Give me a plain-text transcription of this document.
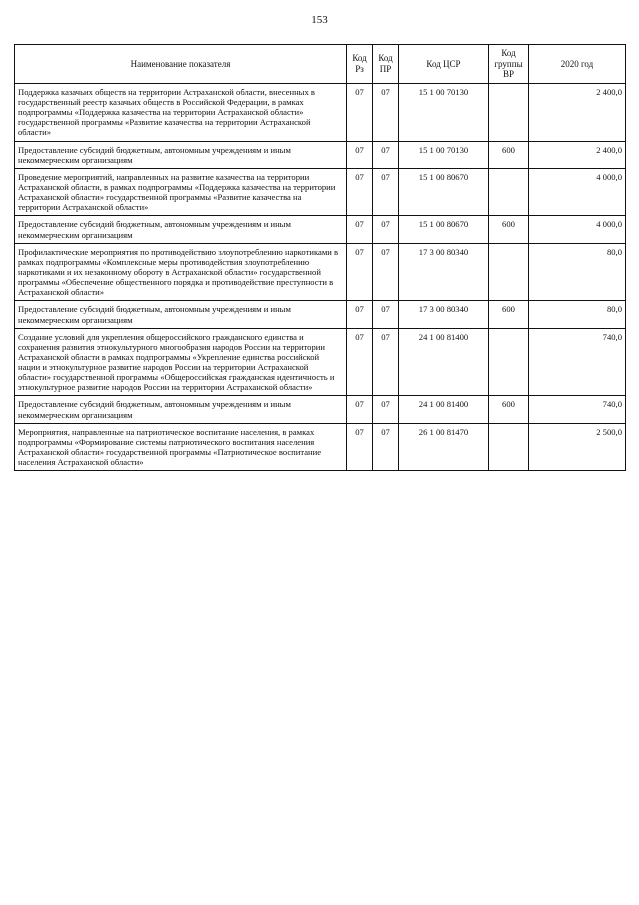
153
Наименование показателя	Код Рз	Код ПР	Код ЦСР	Код группы ВР	2020 год
Поддержка казачьих обществ на территории Астраханской области, внесенных в государственный реестр казачьих обществ в Российской Федерации, в рамках подпрограммы «Поддержка казачества на территории Астраханской области» государственной программы «Развитие казачества на территории Астраханской области»	07	07	15 1 00 70130		2 400,0
Предоставление субсидий бюджетным, автономным учреждениям и иным некоммерческим организациям	07	07	15 1 00 70130	600	2 400,0
Проведение мероприятий, направленных на развитие казачества на территории Астраханской области, в рамках подпрограммы «Поддержка казачества на территории Астраханской области» государственной программы «Развитие казачества на территории Астраханской области»	07	07	15 1 00 80670		4 000,0
Предоставление субсидий бюджетным, автономным учреждениям и иным некоммерческим организациям	07	07	15 1 00 80670	600	4 000,0
Профилактические мероприятия по противодействию злоупотреблению наркотиками в рамках подпрограммы «Комплексные меры противодействия злоупотреблению наркотиками и их незаконному обороту в Астраханской области» государственной программы «Обеспечение общественного порядка и противодействие преступности в Астраханской области»	07	07	17 3 00 80340		80,0
Предоставление субсидий бюджетным, автономным учреждениям и иным некоммерческим организациям	07	07	17 3 00 80340	600	80,0
Создание условий для укрепления общероссийского гражданского единства и сохранения развития этнокультурного многообразия народов России на территории Астраханской области в рамках подпрограммы «Укрепление единства российской нации и этнокультурное развитие народов России на территории Астраханской области» государственной программы «Общероссийская гражданская идентичность и этнокультурное развитие народов России на территории Астраханской области»	07	07	24 1 00 81400		740,0
Предоставление субсидий бюджетным, автономным учреждениям и иным некоммерческим организациям	07	07	24 1 00 81400	600	740,0
Мероприятия, направленные на патриотическое воспитание населения, в рамках подпрограммы «Формирование системы патриотического воспитания населения Астраханской области» государственной программы «Патриотическое воспитание населения Астраханской области»	07	07	26 1 00 81470		2 500,0
